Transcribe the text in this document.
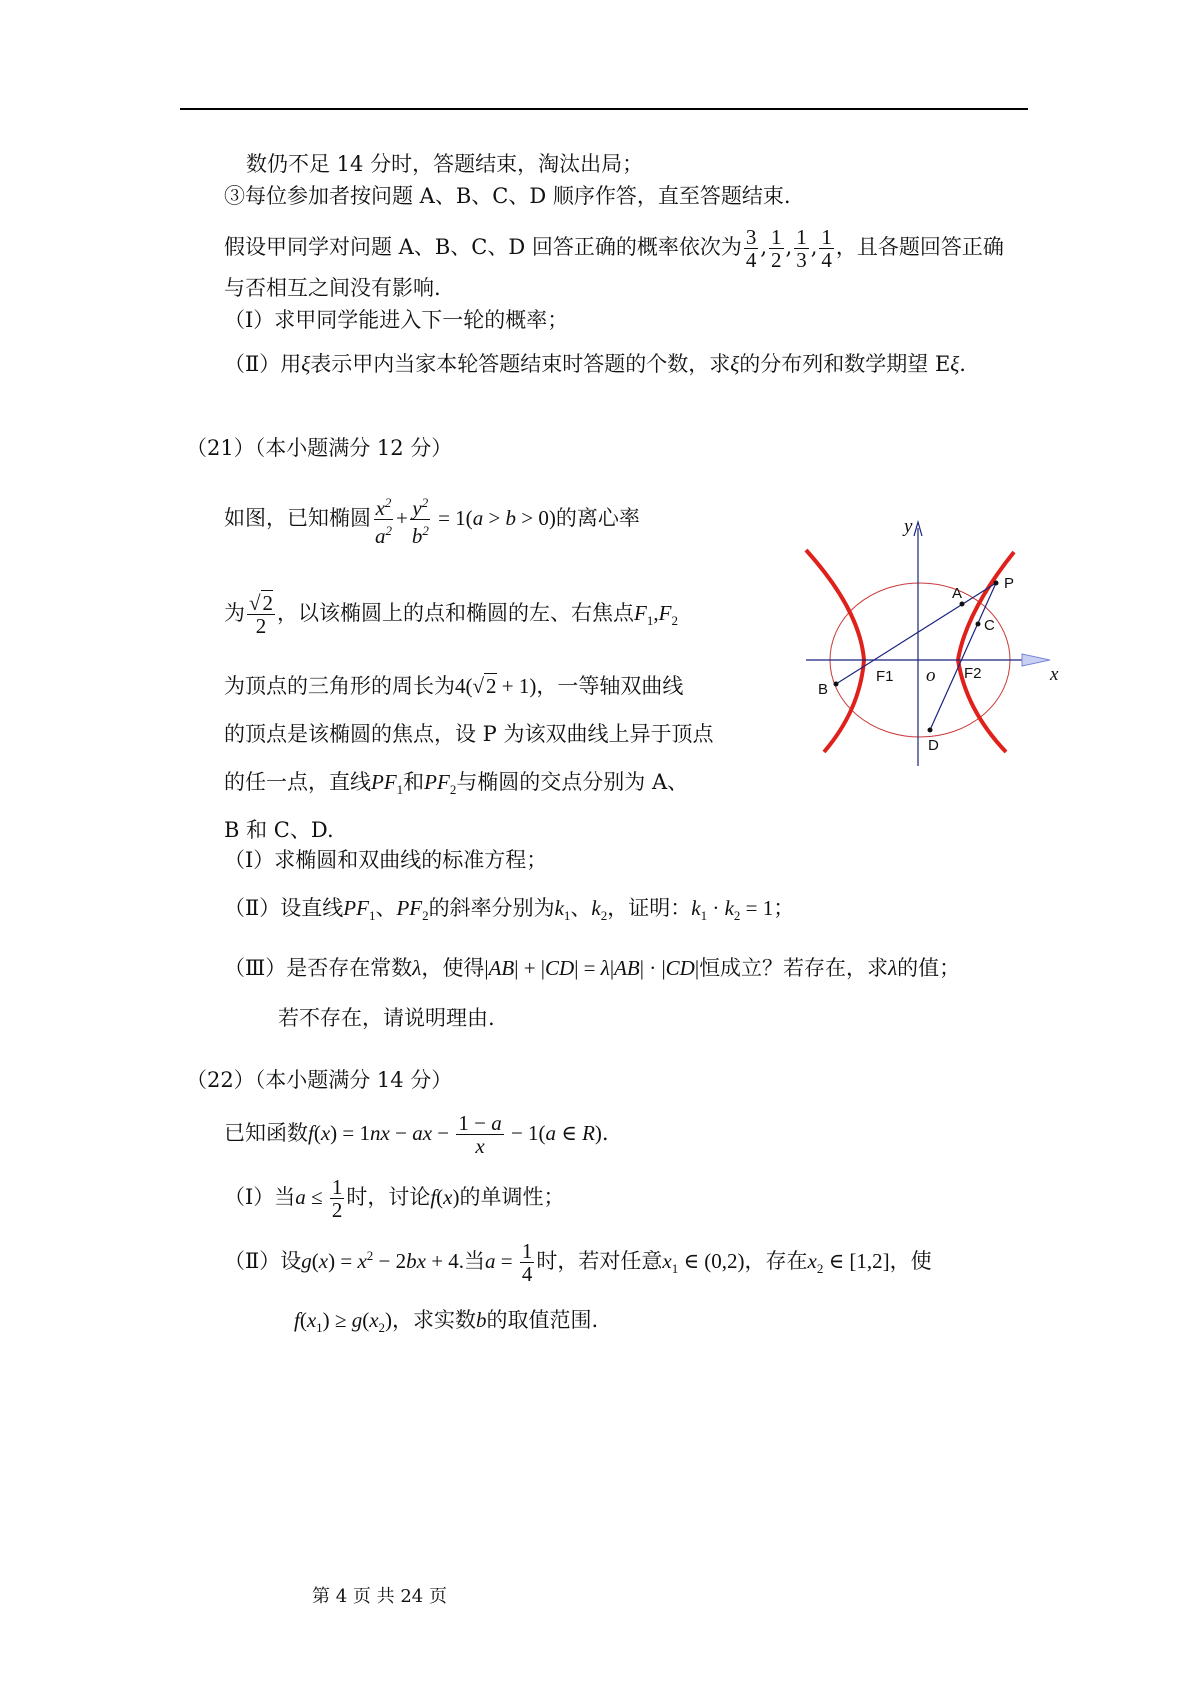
数仍不足 14 分时，答题结束，淘汰出局；
③每位参加者按问题 A、B、C、D 顺序作答，直至答题结束.
假设甲同学对问题 A、B、C、D 回答正确的概率依次为 $\frac{3}{4}$ , $\frac{1}{2}$ , $\frac{1}{3}$ , $\frac{1}{4}$ ，且各题回答正确
与否相互之间没有影响.
（Ⅰ）求甲同学能进入下一轮的概率；
（Ⅱ）用ξ表示甲内当家本轮答题结束时答题的个数，求ξ的分布列和数学期望 Eξ.
（21）（本小题满分 12 分）
如图，已知椭圆 $\frac{x^2}{a^2} + \frac{y^2}{b^2} = 1(a > b > 0)$的离心率
为 $\frac{√2}{2}$ ，以该椭圆上的点和椭圆的左、右焦点$F_1,F_2$
为顶点的三角形的周长为4(√2 + 1)，一等轴双曲线
的顶点是该椭圆的焦点，设 P 为该双曲线上异于顶点
的任一点，直线$PF_1$和$PF_2$与椭圆的交点分别为 A、
B 和 C、D.
（Ⅰ）求椭圆和双曲线的标准方程；
（Ⅱ）设直线$PF_1$、$PF_2$的斜率分别为$k_1$、$k_2$，证明：$k_1 \cdot k_2 = 1$；
（Ⅲ）是否存在常数λ，使得|AB| + |CD| = λ|AB| · |CD|恒成立？若存在，求λ的值；
若不存在，请说明理由.
y
x
o
A
P
C
B
F1	F2
D
（22）（本小题满分 14 分）
已知函数f(x) = 1nx − ax − $\frac{1 - a}{x} - 1(a$ ∈ R).
（Ⅰ）当$a \le \frac{1}{2}$ 时，讨论f(x)的单调性；
（Ⅱ）设$g(x) = x^2 - 2bx + 4$.当$a = \frac{1}{4}$ 时，若对任意$x_1$ ∈ (0,2)，存在$x_2$ ∈ [1,2]，使
$f(x_1) \ge g(x_2)$，求实数b的取值范围.
第 4 页 共 24 页
